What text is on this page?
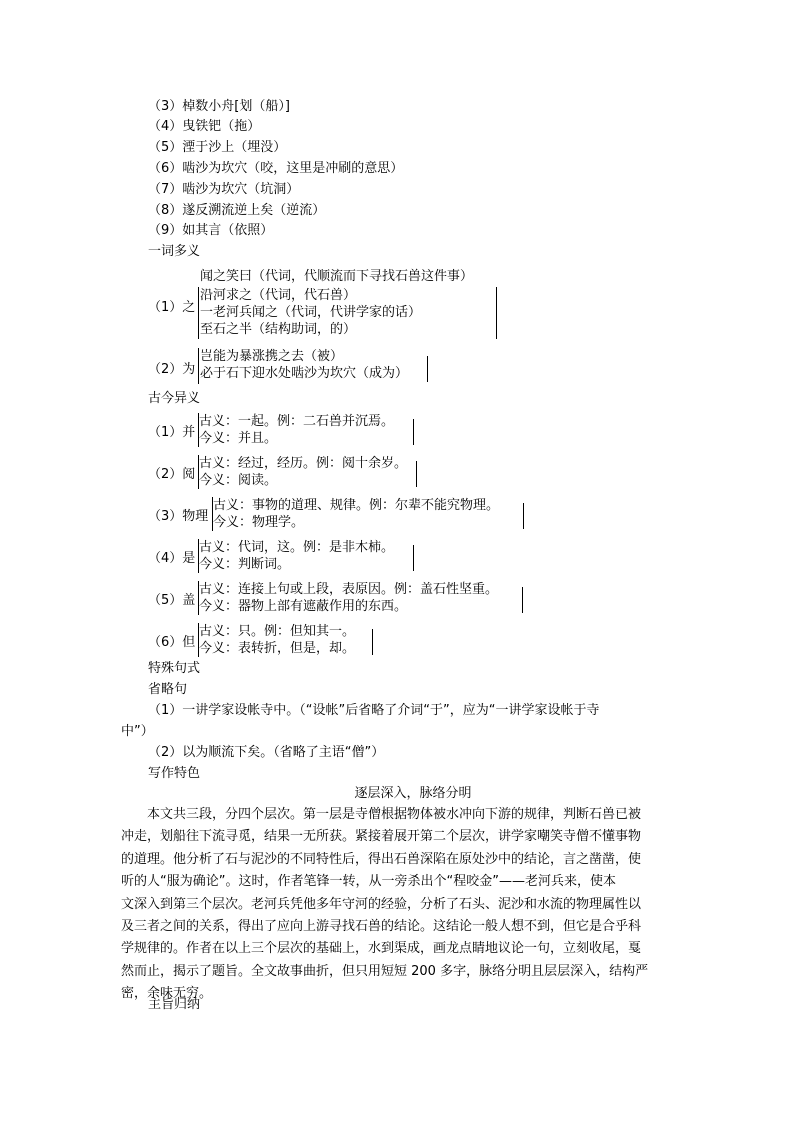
（3）棹数小舟[划（船）]
（4）曳铁钯（拖）
（5）湮于沙上（埋没）
（6）啮沙为坎穴（咬，这里是冲刷的意思）
（7）啮沙为坎穴（坑洞）
（8）遂反溯流逆上矣（逆流）
（9）如其言（依照）
一词多义
闻之笑曰（代词，代顺流而下寻找石兽这件事）
（1）之
沿河求之（代词，代石兽）
一老河兵闻之（代词，代讲学家的话）
至石之半（结构助词，的）
（2）为
岂能为暴涨携之去（被）
必于石下迎水处啮沙为坎穴（成为）
古今异义
（1）并
古义：一起。例：二石兽并沉焉。
今义：并且。
（2）阅
古义：经过，经历。例：阅十余岁。
今义：阅读。
（3）物理
古义：事物的道理、规律。例：尔辈不能究物理。
今义：物理学。
（4）是
古义：代词，这。例：是非木柿。
今义：判断词。
（5）盖
古义：连接上句或上段，表原因。例：盖石性坚重。
今义：器物上部有遮蔽作用的东西。
（6）但
古义：只。例：但知其一。
今义：表转折，但是，却。
特殊句式
省略句
（1）一讲学家设帐寺中。（“设帐”后省略了介词“于”，应为“一讲学家设帐于寺
中”）
（2）以为顺流下矣。（省略了主语“僧”）
写作特色
逐层深入，脉络分明
本文共三段，分四个层次。第一层是寺僧根据物体被水冲向下游的规律，判断石兽已被
冲走，划船往下流寻觅，结果一无所获。紧接着展开第二个层次，讲学家嘲笑寺僧不懂事物
的道理。他分析了石与泥沙的不同特性后，得出石兽深陷在原处沙中的结论，言之凿凿，使
听的人“服为确论”。这时，作者笔锋一转，从一旁杀出个“程咬金”——老河兵来，使本
文深入到第三个层次。老河兵凭他多年守河的经验，分析了石头、泥沙和水流的物理属性以
及三者之间的关系，得出了应向上游寻找石兽的结论。这结论一般人想不到，但它是合乎科
学规律的。作者在以上三个层次的基础上，水到渠成，画龙点睛地议论一句，立刻收尾，戛
然而止，揭示了题旨。全文故事曲折，但只用短短 200 多字，脉络分明且层层深入，结构严
密，余味无穷。
主旨归纳
